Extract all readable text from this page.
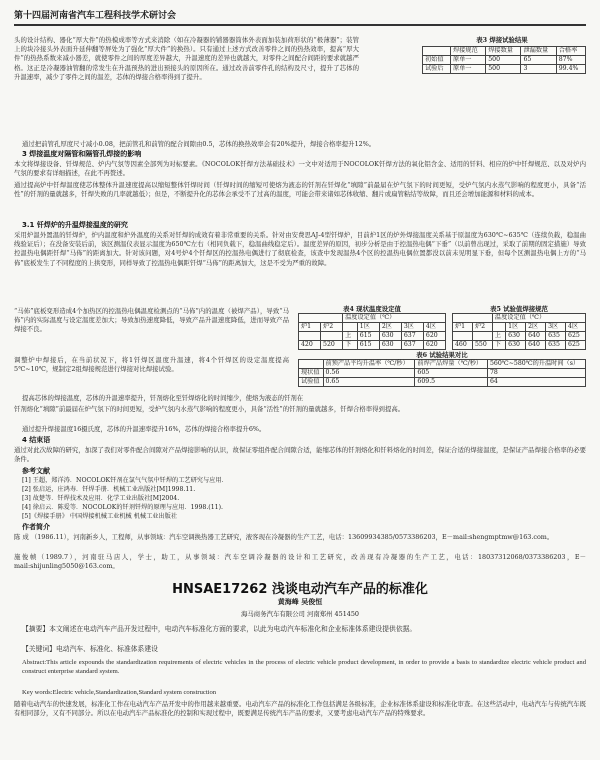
第十四届河南省汽车工程科技学术研讨会

头的设计结构、器化“厚大件”的热模成率等方式来消除（如在冷凝器的铺器器筒体外表面加装加荷形状的“极薄器”；装管上的块冷接头外表面升延伸翻等屏处为了强化“厚大件”的换热）。只有通过上述方式改善零件之间的热热效率，提高“厚大件”的热热系数来减小器差，就使零件之间的厚度差异越大，升温速度的差异也就越大，对零件之间配合间距的要求就越严格。这正是冷凝器油管翻的常发生在升温预热的进出预接头的原因所在。通过改善前零件孔的结构及尺寸，提升了芯体的升温速率，减少了零件之间的温差，芯体的焊接合格率得到了提升。

表3 焊接试验结果
	焊接规范	焊接数量	泄漏数量	合格率
初始值	原单一	500	65	87%
试验后	原单一	500	3	99.4%

通过把前管孔厚度尺寸减小0.08，把前管孔和前管的配合间隙由0.5，芯体的换热效率会有20%提升，焊接合格率提升12%。

3 焊接温度对隔管和隔管孔焊接的影响

本文将焊接设备、钎焊规范、炉内气氛等因素全部列为对标要素。《NOCOLOK钎焊方法基础技术》一文中对适用于NOCOLOK钎焊方法的氧化铝含金、适用的钎料、相应的炉中钎焊规范、以及对炉内气氛的要求有详细描述，在此不再赘述。

通过提高炉中钎焊温度使芯体整体升温速度提高以缩短整体钎焊时间（钎焊时间的缩短可使熔为液态的钎剂在钎焊化“填隙”前最届在炉气氛下的时间更短，受炉气氛内水蒸气影响的程度更小，具备“活性”的钎剂的量就越多，钎焊失败的几率就越低）；但是，不断提升化的芯体会承受不了过高的温度，可能会带来诸如芯体收缩、翻片或扁管粘结等故障，而且还会增加能源和材料的成本。

3.1 钎焊炉的升温焊接温度的研究

采用炉温外置温的钎焊炉，炉内温度和炉外温度的关系对钎焊的成效有着非常重要的关系。针对由安费思AJ-4型钎焊炉，目前炉1区的炉外焊接温度关系基于原温度为630℃~635℃（连续负载，稳温曲线验证后）；在没备安装后前，该区测温仪表显示温度为650℃左右（相同负载下，稳温曲线稳定后）。温度差异的原因，初步分析是由于控温热电偶“下垂”（以前曾出现过，采取了前期的固定措施）导致控温热电偶距钎焊“马佈”的距离加大。针对该问题，对4号炉4个钎焊区的控温热电偶进行了彻底检查，该查中发现温热4个区的控温热电偶位置都没以前未见明显下垂，但每个区测温热电偶上方的“马佈”底板发生了不同程度的上拱变形，同样导致了控温热电偶距钎焊“马佈”的距离加大，这是不受为严重的故障。

“马佈”底板变形造成4个加热区的控温热电偶温度检测点的“马佈”内的温度（被焊产品），导致“马佈”内的实际温度与设定温度差加大；导致加热速度降低，导致产品升温速度降低，进而导致产品焊接不良。

表4 现状温度设定值
		温度设定值（℃）				
炉1	炉2		1区	2区	3区	4区
		上	615	630	637	620
420	520	下	615	630	637	620
表5 试验值焊接规范
		温度设定值（℃）				
炉1	炉2		1区	2区	3区	4区
		上	630	640	635	625
460	550	下	630	640	635	625

调整炉中焊接后，在当前状况下，将1钎焊区温度升温速，将4个钎焊区的设定温度提高5℃~10℃，规制定2组焊接规范进行焊接对比焊接试验。

表6 试验结果对比
	前预产品平均升温率（℃/秒）	前焊产品焊量（℃/秒）	560℃~580℃的升温时间（s）
现状值	0.56	605	78
试验值	0.65	609.5	64

提高芯体的焊接温度，芯体的升温速率提升，钎剂熔化至钎焊熔化的时间缩少，使熔为液态的钎剂在

钎剂熔化“填隙”前最届在炉气氛下的时间更短，受炉气氛内水蒸气影响的程度更小，具备“活性”的钎剂的量就越多，钎焊合格率得到提高。

通过提升焊接温度16摄氏度，芯体的升温速率提升16%，芯体的焊接合格率提升6%。

4 结束语

通过对此次故障的研究，加深了我们对零件配合间隙对产品焊接影响的认识，故保证零组件配合间隙合适，能缩芯体的钎剂熔化和钎料熔化的时间差，保证合适的焊接温度，是保证产品焊接合格率的必要条件。

参考文献
[1] 王超，郑洋涛．NOCOLOK钎剂在氯气气氛中钎焊的工艺研究与应用．
[2] 张启运，庄鸿寿．钎焊手册．机械工业出版社[M]1998.11.
[3] 故楚等．钎焊技术及应用．化学工业出版社[M]2004.
[4] 徐启云．陈爱等．NOCOLOK的钎剂钎焊的原理与应用．1998.(11).
[5]《焊接手册》 中国焊接机械工业机械 机械工业出版社
作者简介

陈 成 （1986.11），河南新乡人，工程师，从事领域：汽车空调换热器工艺研究，液客现在冷凝器的生产工艺，电话：13609934385/0573386203，E－mail:shengmptmw@163.com。

施俊帧（1989.7），河南驻马店人，学士，助工，从事领域：汽车空调冷凝器的设计和工艺研究，改善现有冷凝器的生产工艺，电话：18037312068/0373386203，E－mail:shijunling5050@163.com。

HNSAE17262 浅谈电动汽车产品的标准化
黄海峰 吴俊恒
海马商务汽车有限公司 河南郑州 451450

【摘要】本文阐述在电动汽车产品开发过程中，电动汽车标准化方面的要求，以此为电动汽车标准化和企业标准体系建设提供依据。

【关键词】电动汽车、标准化、标准体系建设

Abstract:This article expounds the standardization requirements of electric vehicles in the process of electric vehicle product development, in order to provide a basis to standardize electric vehicle product and construct enterprise standard system.

Key words:Electric vehicle,Standardization,Standard system construction

随着电动汽车的快速发展，标准化工作在电动汽车产品开发中的作用越来越重要。电动汽车产品的标准化工作包括满足各级标准，企业标准体系建设和标准化审查。在这些活动中，电动汽车与传统汽车既有相同部分，又有不同部分。所以在电动汽车产品标准化的控制和实现过程中，既要满足传统汽车产品的要求，又要考虑电动汽车产品的特殊要求。
